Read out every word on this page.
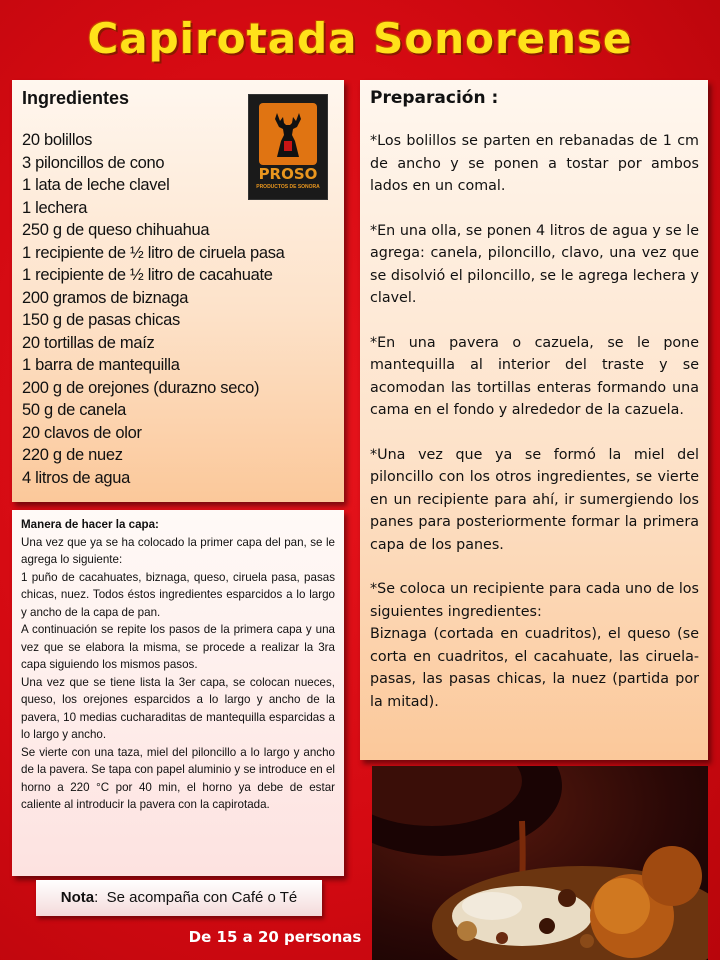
Capirotada Sonorense
Ingredientes
20 bolillos
3 piloncillos de cono
1 lata de leche clavel
1 lechera
250 g de queso chihuahua
1 recipiente de ½ litro de ciruela pasa
1 recipiente de ½ litro de cacahuate
200 gramos de biznaga
150 g de pasas chicas
20 tortillas de maíz
1 barra de mantequilla
200 g de orejones (durazno seco)
50 g de canela
20 clavos de olor
220 g de nuez
4 litros de agua
PROSO
PRODUCTOS DE SONORA
Manera de hacer la capa:

Una vez que ya se ha colocado la primer capa del pan, se le agrega lo siguiente:

1 puño de cacahuates, biznaga, queso, ciruela pasa, pasas chicas, nuez. Todos éstos ingredientes esparcidos a lo largo y ancho de la capa de pan.

A continuación se repite los pasos de la primera capa y una vez que se elabora la misma, se procede a realizar la 3ra capa siguiendo los mismos pasos.

Una vez que se tiene lista la 3er capa, se colocan nueces, queso, los orejones esparcidos a lo largo y ancho de la pavera, 10 medias cucharaditas de mantequilla esparcidas a lo largo y ancho.

Se vierte con una taza, miel del piloncillo a lo largo y ancho de la pavera. Se tapa con papel aluminio y se introduce en el horno a 220 °C por 40 min, el horno ya debe de estar caliente al introducir la pavera con la capirotada.

Preparación :

*Los bolillos se parten en rebanadas de 1 cm de ancho y se ponen a tostar por ambos lados en un comal.

*En una olla, se ponen 4 litros de agua y se le agrega: canela, piloncillo, clavo, una vez que se disolvió el piloncillo, se le agrega lechera y clavel.

*En una pavera o cazuela, se le pone mantequilla al interior del traste y se acomodan las tortillas enteras formando una cama en el fondo y alrededor de la cazuela.

*Una vez que ya se formó la miel del piloncillo con los otros ingredientes, se vierte en un recipiente para ahí, ir sumergiendo los panes para posteriormente formar la primera capa de los panes.

*Se coloca un recipiente para cada uno de los siguientes ingredientes:

Biznaga (cortada en cuadritos), el queso (se corta en cuadritos, el cacahuate, las ciruela-pasas, las pasas chicas, la nuez (partida por la mitad).

Nota:  Se acompaña con Café o Té
De 15 a 20 personas
